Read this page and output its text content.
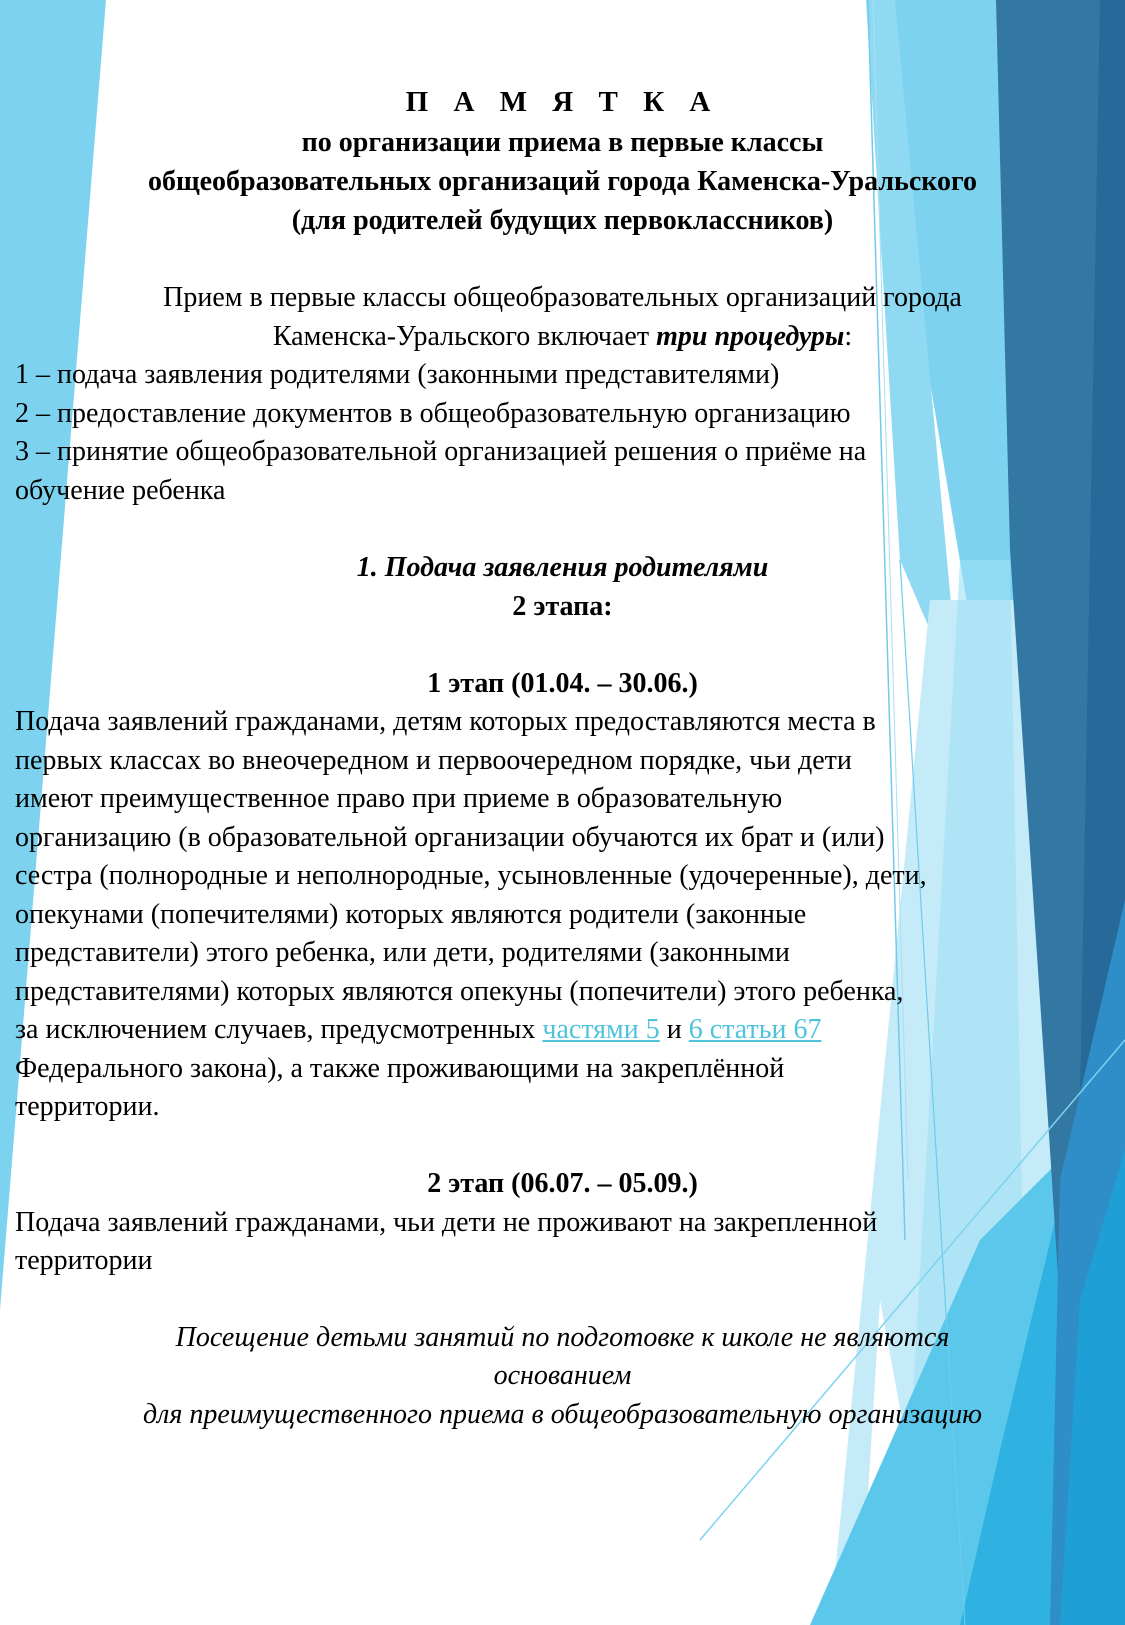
П А М Я Т К А
по организации приема в первые классы
общеобразовательных организаций города Каменска-Уральского
(для родителей будущих первоклассников)
Прием в первые классы общеобразовательных организаций города
Каменска-Уральского включает три процедуры:
1 – подача заявления родителями (законными представителями)
2 – предоставление документов в общеобразовательную организацию
3 – принятие общеобразовательной организацией решения о приёме на
обучение ребенка
1. Подача заявления родителями
2 этапа:
1 этап (01.04. – 30.06.)
Подача заявлений гражданами, детям которых предоставляются места в
первых классах во внеочередном и первоочередном порядке, чьи дети
имеют преимущественное право при приеме в образовательную
организацию (в образовательной организации обучаются их брат и (или)
сестра (полнородные и неполнородные, усыновленные (удочеренные), дети,
опекунами (попечителями) которых являются родители (законные
представители) этого ребенка, или дети, родителями (законными
представителями) которых являются опекуны (попечители) этого ребенка,
за исключением случаев, предусмотренных частями 5 и 6 статьи 67
Федерального закона), а также проживающими на закреплённой
территории.
2 этап (06.07. – 05.09.)
Подача заявлений гражданами, чьи дети не проживают на закрепленной
территории
Посещение детьми занятий по подготовке к школе не являются
основанием
для преимущественного приема в общеобразовательную организацию
